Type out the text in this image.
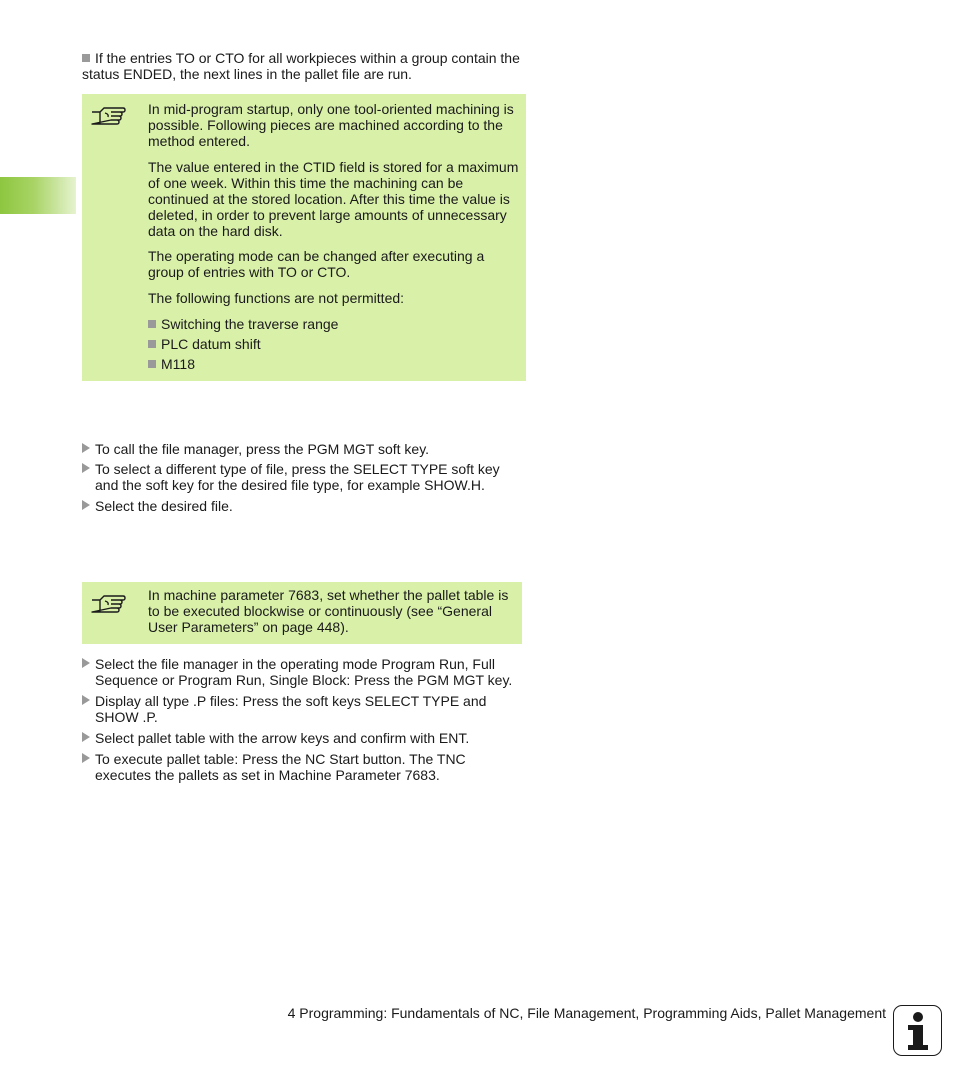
If the entries TO or CTO for all workpieces within a group contain the status ENDED, the next lines in the pallet file are run.

In mid-program startup, only one tool-oriented machining is possible. Following pieces are machined according to the method entered.

The value entered in the CTID field is stored for a maximum of one week. Within this time the machining can be continued at the stored location. After this time the value is deleted, in order to prevent large amounts of unnecessary data on the hard disk.

The operating mode can be changed after executing a group of entries with TO or CTO.

The following functions are not permitted:

Switching the traverse range

PLC datum shift

M118

To call the file manager, press the PGM MGT soft key.
To select a different type of file, press the SELECT TYPE soft key and the soft key for the desired file type, for example SHOW.H.
Select the desired file.

In machine parameter 7683, set whether the pallet table is to be executed blockwise or continuously (see “General User Parameters” on page 448).

Select the file manager in the operating mode Program Run, Full Sequence or Program Run, Single Block: Press the PGM MGT key.
Display all type .P files: Press the soft keys SELECT TYPE and SHOW .P.
Select pallet table with the arrow keys and confirm with ENT.
To execute pallet table: Press the NC Start button. The TNC executes the pallets as set in Machine Parameter 7683.
4 Programming: Fundamentals of NC, File Management, Programming Aids, Pallet Management
